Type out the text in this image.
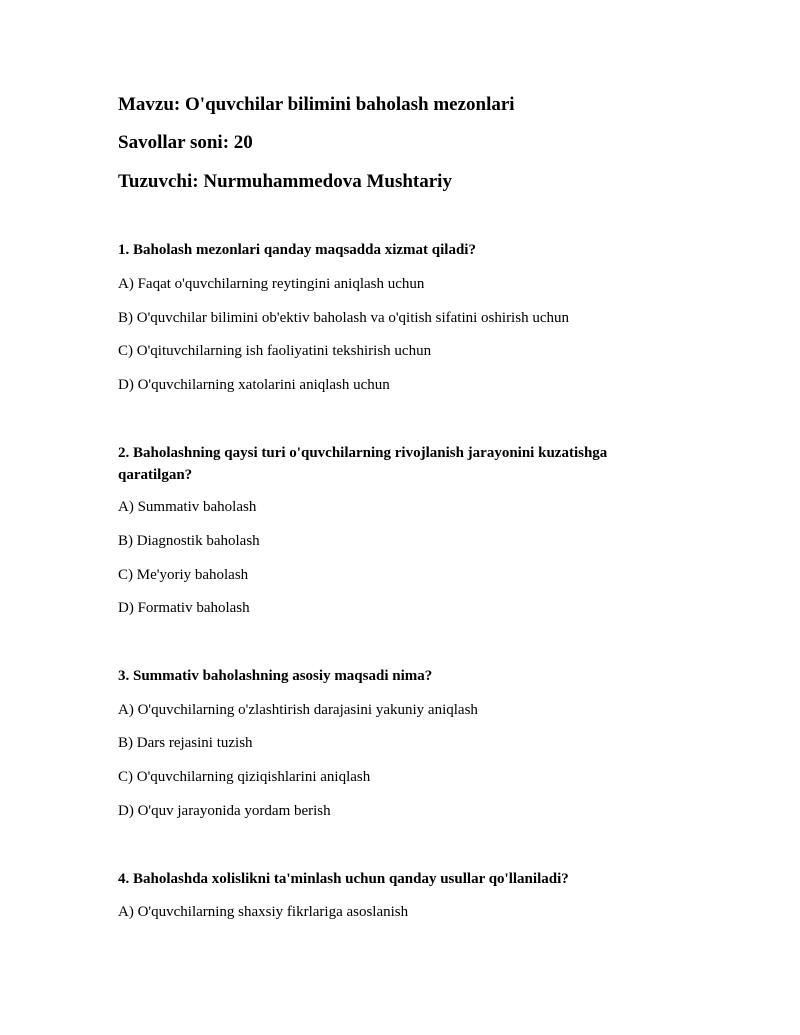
Mavzu: O'quvchilar bilimini baholash mezonlari
Savollar soni: 20
Tuzuvchi: Nurmuhammedova Mushtariy
1. Baholash mezonlari qanday maqsadda xizmat qiladi?
A) Faqat o'quvchilarning reytingini aniqlash uchun
B) O'quvchilar bilimini ob'ektiv baholash va o'qitish sifatini oshirish uchun
C) O'qituvchilarning ish faoliyatini tekshirish uchun
D) O'quvchilarning xatolarini aniqlash uchun
2. Baholashning qaysi turi o'quvchilarning rivojlanish jarayonini kuzatishga qaratilgan?
A) Summativ baholash
B) Diagnostik baholash
C) Me'yoriy baholash
D) Formativ baholash
3. Summativ baholashning asosiy maqsadi nima?
A) O'quvchilarning o'zlashtirish darajasini yakuniy aniqlash
B) Dars rejasini tuzish
C) O'quvchilarning qiziqishlarini aniqlash
D) O'quv jarayonida yordam berish
4. Baholashda xolislikni ta'minlash uchun qanday usullar qo'llaniladi?
A) O'quvchilarning shaxsiy fikrlariga asoslanish
